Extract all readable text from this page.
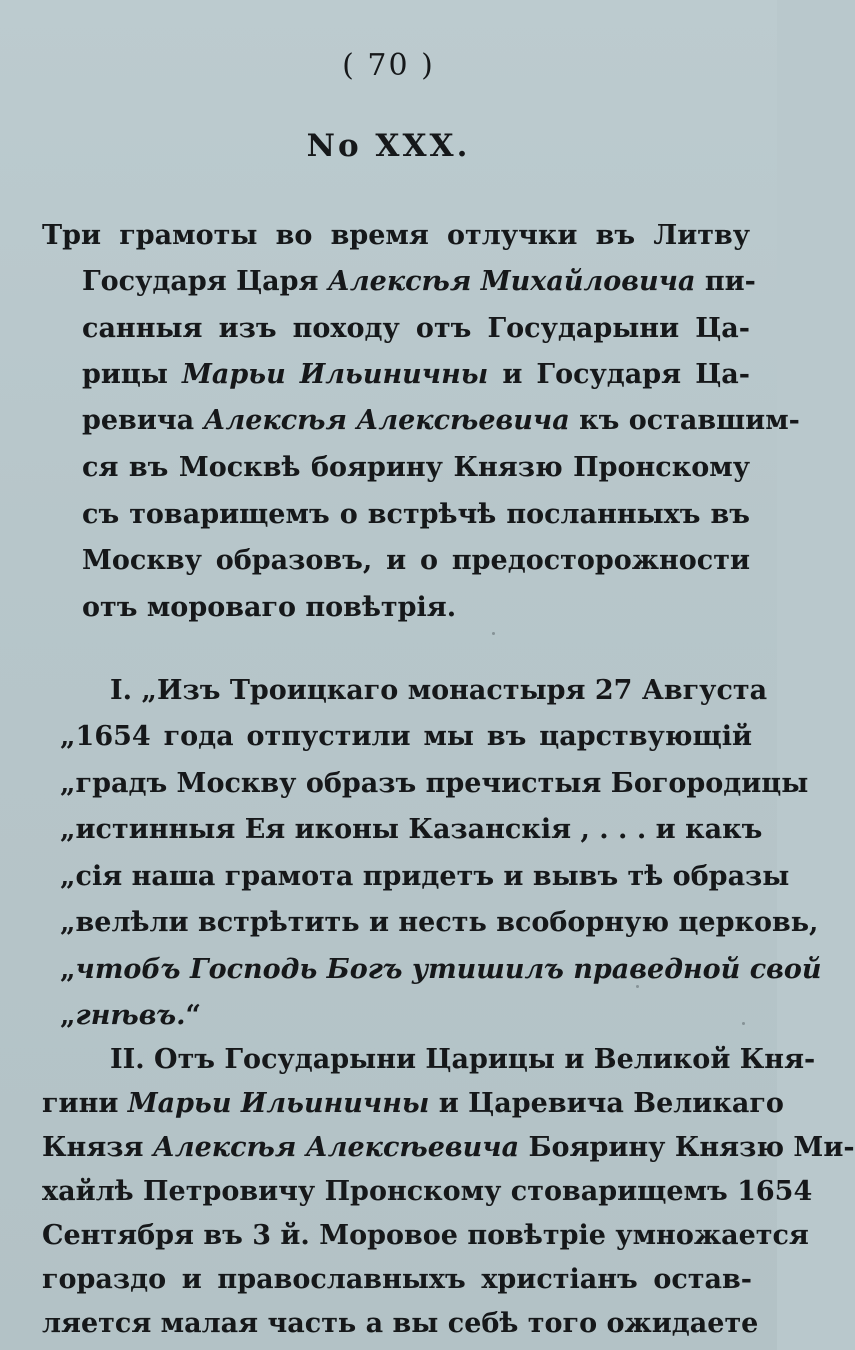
( 70 )
No XXX.
Три грамоты во время отлучки въ Литву
Государя Царя Алексѣя Михайловича пи-
санныя изъ походу отъ Государыни Ца-
рицы Марьи Ильиничны и Государя Ца-
ревича Алексѣя Алексѣевича къ оставшим-
ся въ Москвѣ боярину Князю Пронскому
съ товарищемъ о встрѣчѣ посланныхъ въ
Москву образовъ, и о предосторожности
отъ мороваго повѣтрія.
I. „Изъ Троицкаго монастыря 27 Августа
„1654 года отпустили мы въ царствующій
„градъ Москву образъ пречистыя Богородицы
„истинныя Ея иконы Казанскія , . . . и какъ
„сія наша грамота придетъ и вывъ тѣ образы
„велѣли встрѣтить и несть всоборную церковь,
„чтобъ Господь Богъ утишилъ праведной свой
„гнѣвъ.“
II. Отъ Государыни Царицы и Великой Кня-
гини Марьи Ильиничны и Царевича Великаго
Князя Алексѣя Алексѣевича Боярину Князю Ми-
хайлѣ Петровичу Пронскому стоварищемъ 1654
Сентября въ 3 й. Моровое повѣтріе умножается
гораздо и православныхъ христіанъ остав-
ляется малая часть а вы себѣ того ожидаете
